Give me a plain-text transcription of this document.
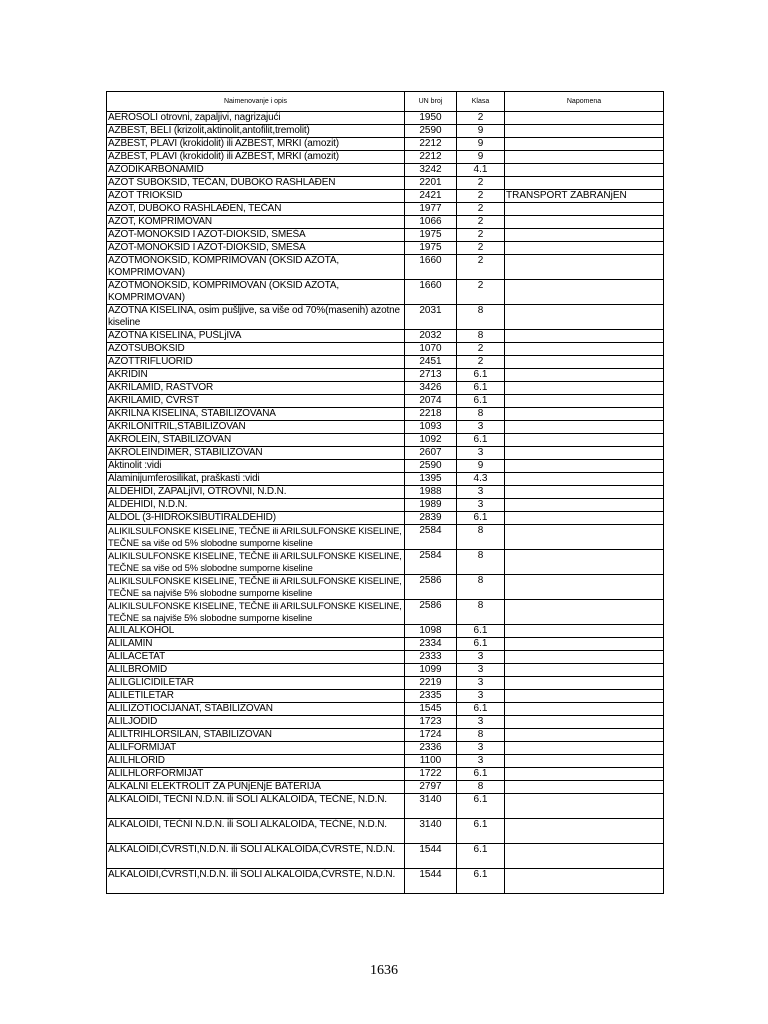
Naimenovanje i opis	UN broj	Klasa	Napomena
AEROSOLI otrovni, zapaljivi, nagrizajući	1950	2	
AZBEST, BELI (krizolit,aktinolit,antofilit,tremolit)	2590	9	
AZBEST, PLAVI (krokidolit) ili AZBEST, MRKI (amozit)	2212	9	
AZBEST, PLAVI (krokidolit) ili AZBEST, MRKI (amozit)	2212	9	
AZODIKARBONAMID	3242	4.1	
AZOT SUBOKSID, TEČAN, DUBOKO RASHLAĐEN	2201	2	
AZOT TRIOKSID	2421	2	TRANSPORT ZABRANjEN
AZOT, DUBOKO RASHLAĐEN, TEČAN	1977	2	
AZOT, KOMPRIMOVAN	1066	2	
AZOT-MONOKSID I AZOT-DIOKSID, SMEŠA	1975	2	
AZOT-MONOKSID I AZOT-DIOKSID, SMEŠA	1975	2	
AZOTMONOKSID, KOMPRIMOVAN (OKSID AZOTA, KOMPRIMOVAN)	1660	2	
AZOTMONOKSID, KOMPRIMOVAN (OKSID AZOTA, KOMPRIMOVAN)	1660	2	
AZOTNA KISELINA, osim pušljive, sa više od 70%(masenih) azotne kiseline	2031	8	
AZOTNA KISELINA, PUŠLjIVA	2032	8	
AZOTSUBOKSID	1070	2	
AZOTTRIFLUORID	2451	2	
AKRIDIN	2713	6.1	
AKRILAMID, RASTVOR	3426	6.1	
AKRILAMID, ČVRST	2074	6.1	
AKRILNA KISELINA, STABILIZOVANA	2218	8	
AKRILONITRIL,STABILIZOVAN	1093	3	
AKROLEIN, STABILIZOVAN	1092	6.1	
AKROLEINDIMER, STABILIZOVAN	2607	3	
Aktinolit :vidi	2590	9	
Alaminijumferosilikat, praškasti :vidi	1395	4.3	
ALDEHIDI, ZAPALjIVI, OTROVNI, N.D.N.	1988	3	
ALDEHIDI, N.D.N.	1989	3	
ALDOL (3-HIDROKSIBUTIRALDEHID)	2839	6.1	
ALIKILSULFONSKE KISELINE, TEČNE ili ARILSULFONSKE KISELINE, TEČNE sa više od 5% slobodne sumporne kiseline	2584	8	
ALIKILSULFONSKE KISELINE, TEČNE ili ARILSULFONSKE KISELINE, TEČNE sa više od 5% slobodne sumporne kiseline	2584	8	
ALIKILSULFONSKE KISELINE, TEČNE ili ARILSULFONSKE KISELINE, TEČNE sa najviše 5% slobodne sumporne kiseline	2586	8	
ALIKILSULFONSKE KISELINE, TEČNE ili ARILSULFONSKE KISELINE, TEČNE sa najviše 5% slobodne sumporne kiseline	2586	8	
ALILALKOHOL	1098	6.1	
ALILAMIN	2334	6.1	
ALILACETAT	2333	3	
ALILBROMID	1099	3	
ALILGLICIDILETAR	2219	3	
ALILETILETAR	2335	3	
ALILIZOTIOCIJANAT, STABILIZOVAN	1545	6.1	
ALILJODID	1723	3	
ALILTRIHLORSILAN, STABILIZOVAN	1724	8	
ALILFORMIJAT	2336	3	
ALILHLORID	1100	3	
ALILHLORFORMIJAT	1722	6.1	
ALKALNI ELEKTROLIT ZA PUNjENjE BATERIJA	2797	8	
ALKALOIDI, TEČNI N.D.N. ili SOLI ALKALOIDA, TEČNE, N.D.N.	3140	6.1	
ALKALOIDI, TEČNI N.D.N. ili SOLI ALKALOIDA, TEČNE, N.D.N.	3140	6.1	
ALKALOIDI,ČVRSTI,N.D.N. ili SOLI ALKALOIDA,ČVRSTE, N.D.N.	1544	6.1	
ALKALOIDI,ČVRSTI,N.D.N. ili SOLI ALKALOIDA,ČVRSTE, N.D.N.	1544	6.1	
1636
